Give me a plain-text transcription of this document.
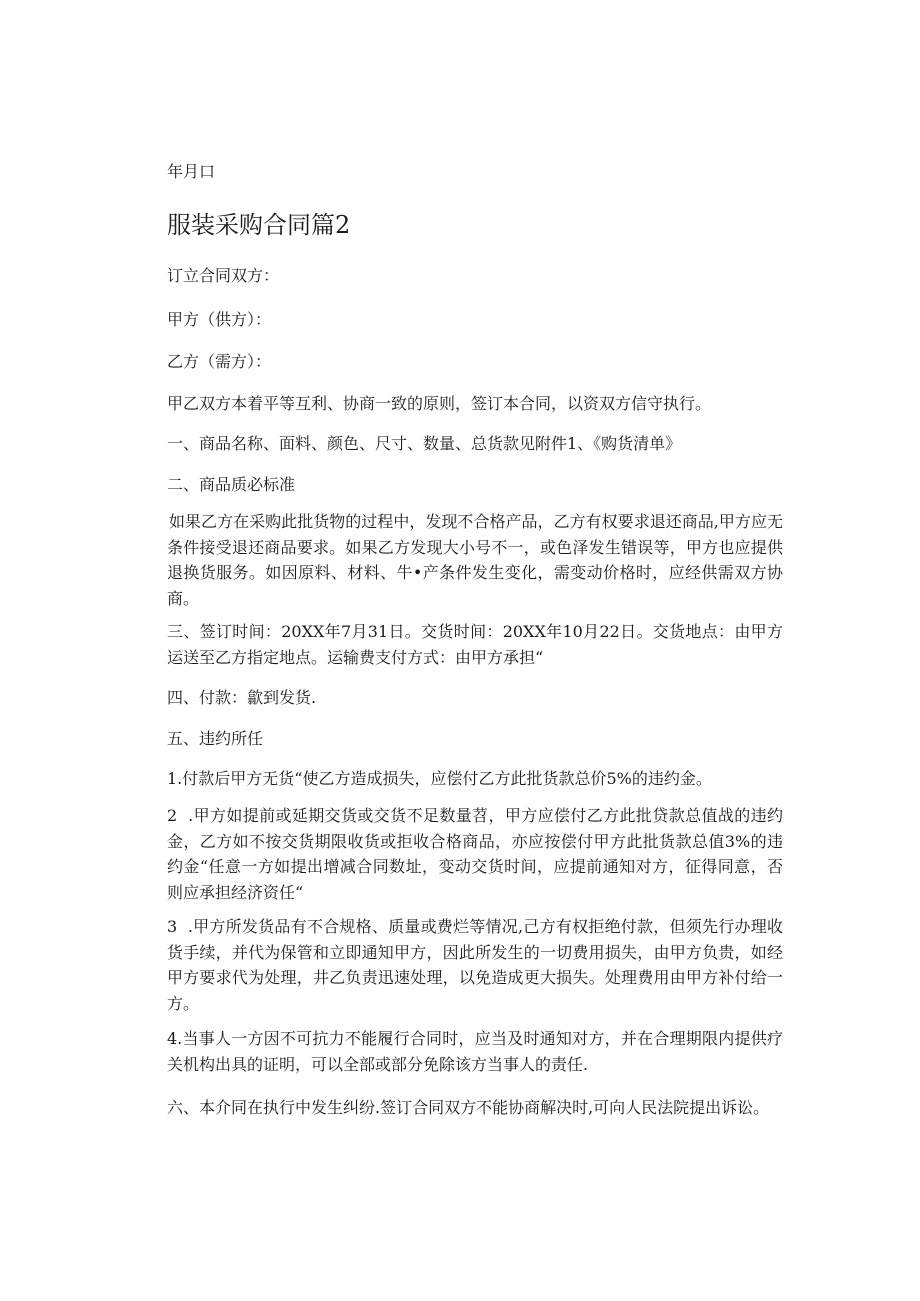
年月口
服装采购合同篇2
订立合同双方：
甲方（供方）：
乙方（需方）：
甲乙双方本着平等互利、协商一致的原则，签订本合同，以资双方信守执行。
一、商品名称、面料、颜色、尺寸、数量、总货款见附件1、《购货清单》
二、商品质必标准

如果乙方在采购此批货物的过程中，发现不合格产品，乙方有权要求退还商品,甲方应无条件接受退还商品要求。如果乙方发现大小号不一，或色泽发生错误等，甲方也应提供退换货服务。如因原料、材料、牛•产条件发生变化，需变动价格时，应经供需双方协商。

三、签订时间：20XX年7月31日。交货时间：20XX年10月22日。交货地点：由甲方运送至乙方指定地点。运输费支付方式：由甲方承担“

四、付款：歙到发货.
五、违约所任
1.付款后甲方无货“使乙方造成损失，应偿付乙方此批货款总价5%的违约金。

2  .甲方如提前或延期交货或交货不足数量苕，甲方应偿付乙方此批贷款总值战的违约金，乙方如不按交货期限收货或拒收合格商品，亦应按偿付甲方此批货款总值3%的违约金“任意一方如提出增减合同数址，变动交货时间，应提前通知对方，征得同意，否则应承担经济资任“

3  .甲方所发货品有不合规格、质量或费烂等情况,己方有权拒绝付款，但须先行办理收货手续，并代为保管和立即通知甲方，因此所发生的一切费用损失，由甲方负贵，如经甲方要求代为处理，井乙负责迅速处理，以免造成更大损失。处理费用由甲方补付给一方。

4.当事人一方因不可抗力不能履行合同时，应当及时通知对方，并在合理期限内提供疗关机构出具的证明，可以全部或部分免除该方当事人的责任.

六、本介同在执行中发生纠纷.签订合同双方不能协商解决时,可向人民法院提出诉讼。
